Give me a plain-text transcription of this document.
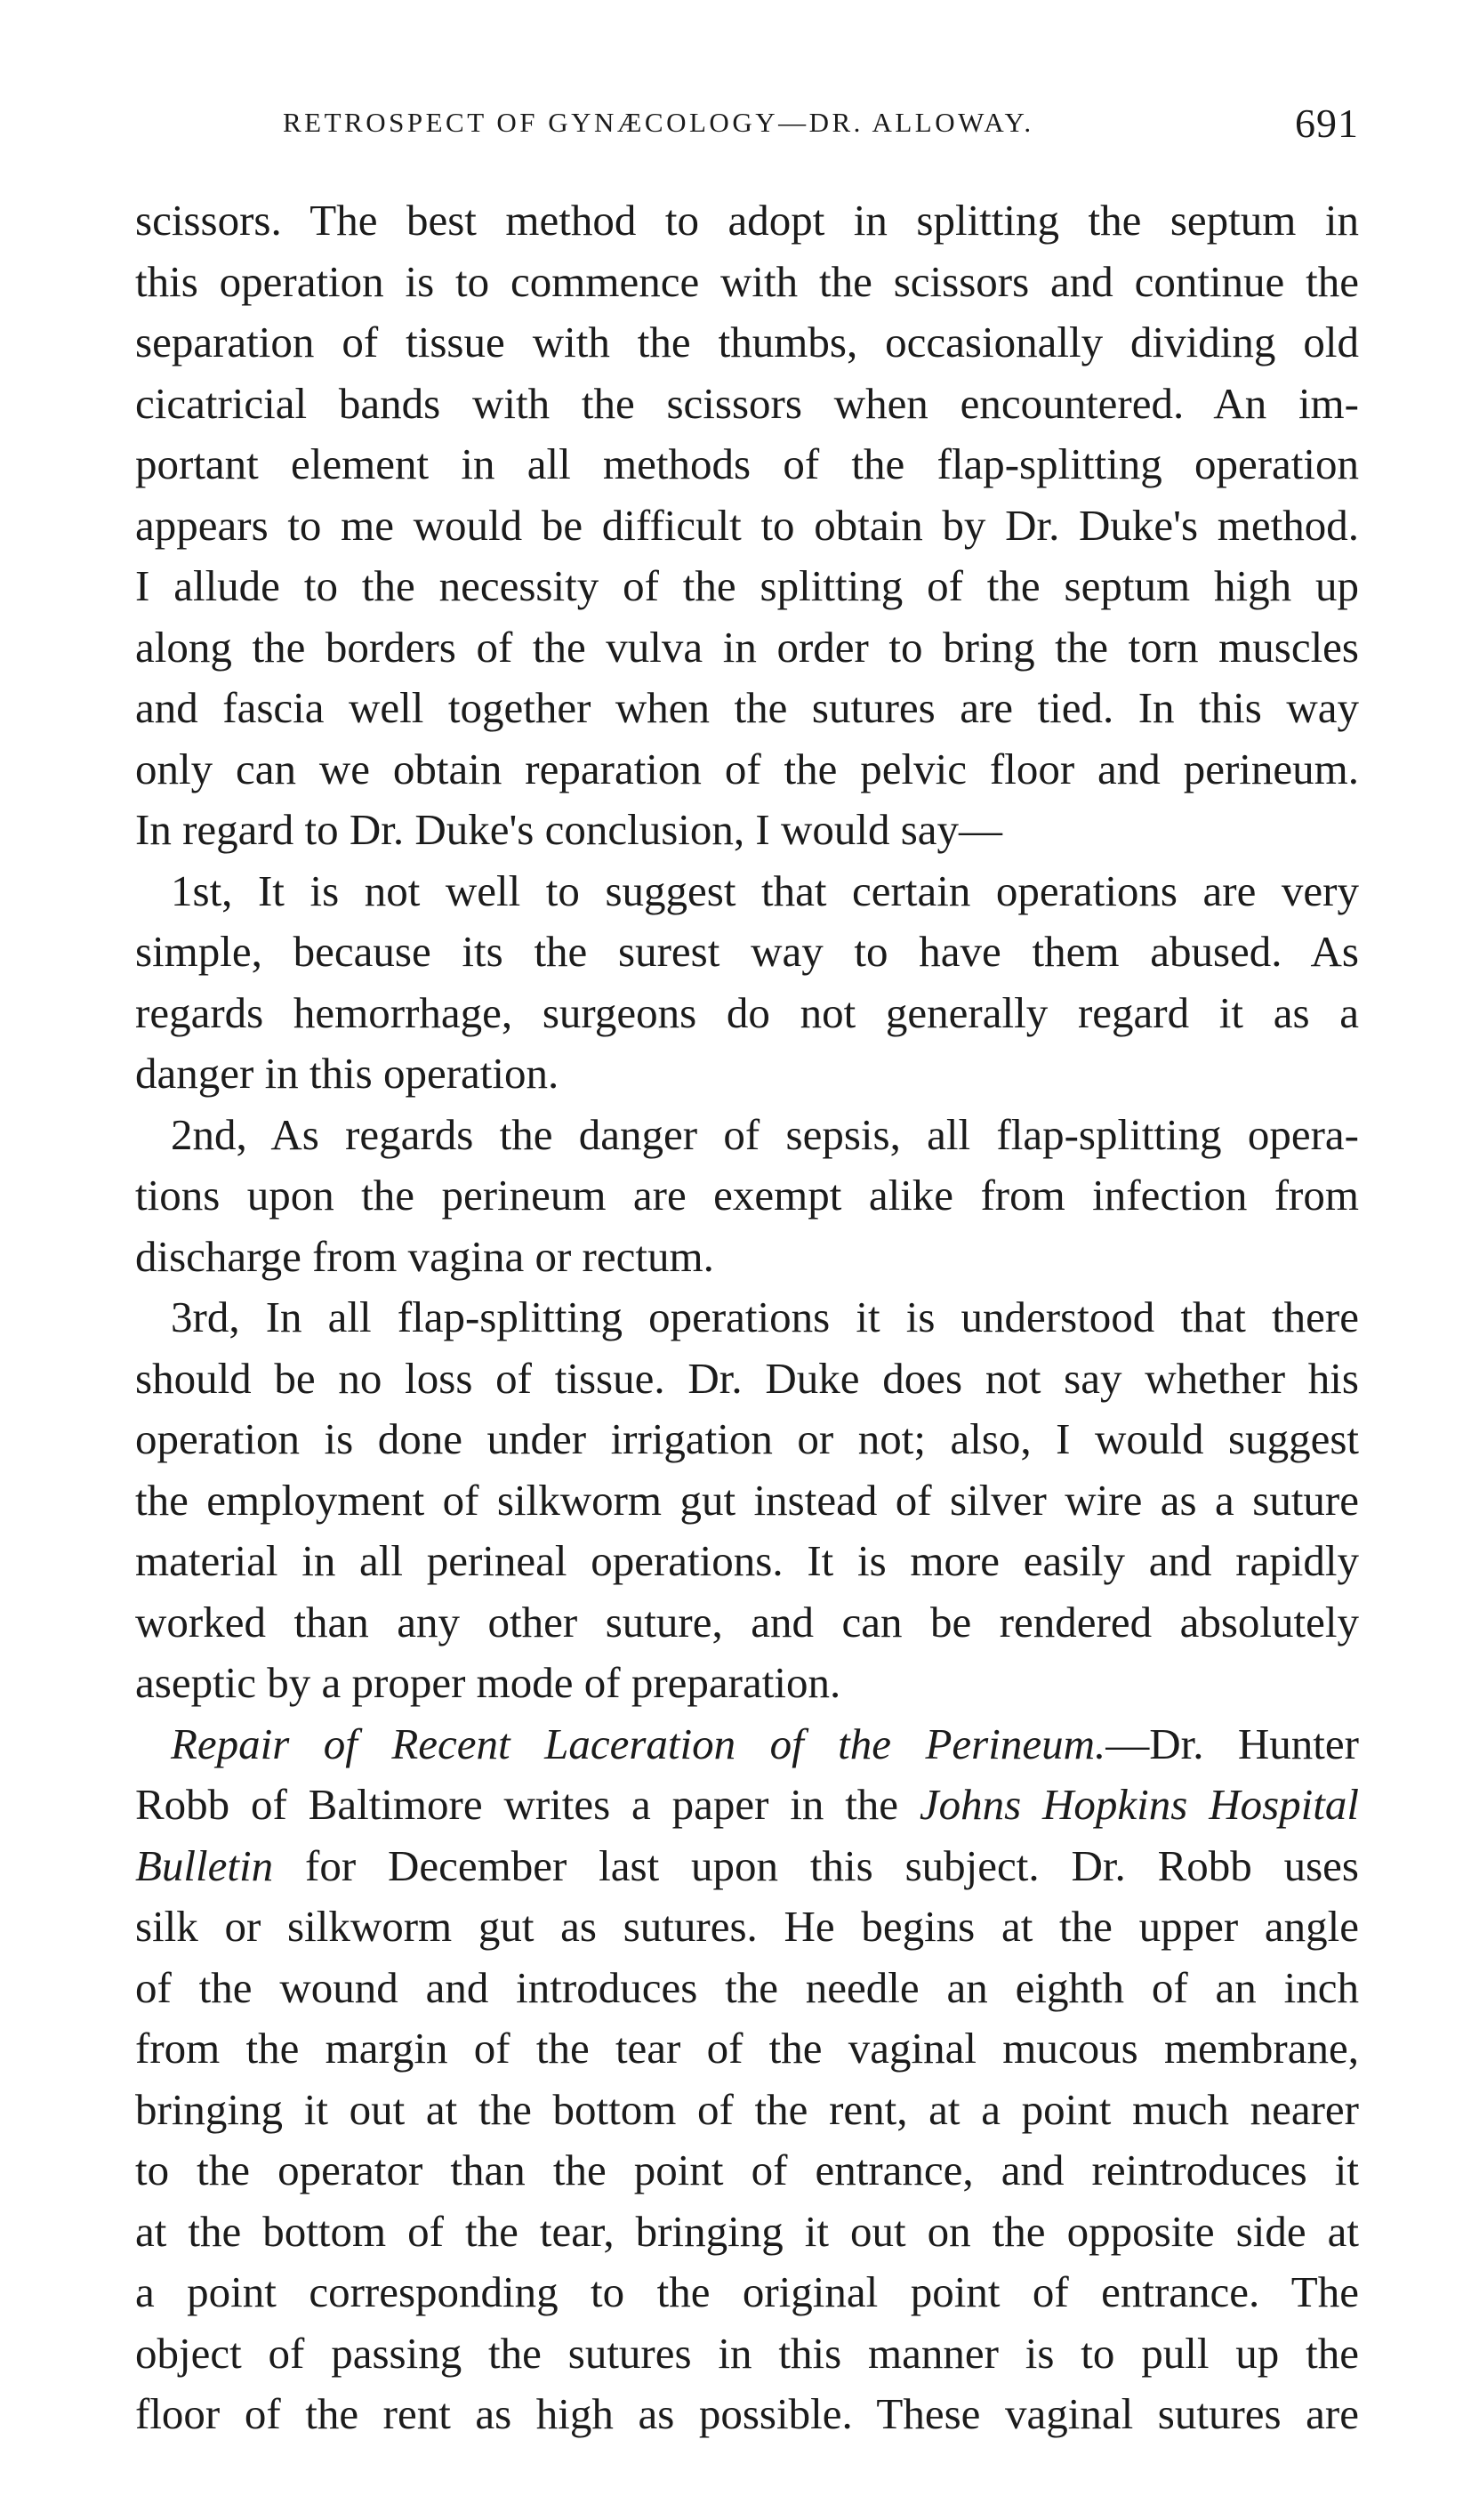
RETROSPECT OF GYNÆCOLOGY—DR. ALLOWAY.	691
scissors. The best method to adopt in splitting the septum in
this operation is to commence with the scissors and continue the
separation of tissue with the thumbs, occasionally dividing old
cicatricial bands with the scissors when encountered. An im-
portant element in all methods of the flap-splitting operation
appears to me would be difficult to obtain by Dr. Duke's method.
I allude to the necessity of the splitting of the septum high up
along the borders of the vulva in order to bring the torn muscles
and fascia well together when the sutures are tied. In this way
only can we obtain reparation of the pelvic floor and perineum.
In regard to Dr. Duke's conclusion, I would say—
1st, It is not well to suggest that certain operations are very
simple, because its the surest way to have them abused. As
regards hemorrhage, surgeons do not generally regard it as a
danger in this operation.
2nd, As regards the danger of sepsis, all flap-splitting opera-
tions upon the perineum are exempt alike from infection from
discharge from vagina or rectum.
3rd, In all flap-splitting operations it is understood that there
should be no loss of tissue. Dr. Duke does not say whether his
operation is done under irrigation or not; also, I would suggest
the employment of silkworm gut instead of silver wire as a suture
material in all perineal operations. It is more easily and rapidly
worked than any other suture, and can be rendered absolutely
aseptic by a proper mode of preparation.
Repair of Recent Laceration of the Perineum.—Dr. Hunter
Robb of Baltimore writes a paper in the Johns Hopkins Hospital
Bulletin for December last upon this subject. Dr. Robb uses
silk or silkworm gut as sutures. He begins at the upper angle
of the wound and introduces the needle an eighth of an inch
from the margin of the tear of the vaginal mucous membrane,
bringing it out at the bottom of the rent, at a point much nearer
to the operator than the point of entrance, and reintroduces it
at the bottom of the tear, bringing it out on the opposite side at
a point corresponding to the original point of entrance. The
object of passing the sutures in this manner is to pull up the
floor of the rent as high as possible. These vaginal sutures are
